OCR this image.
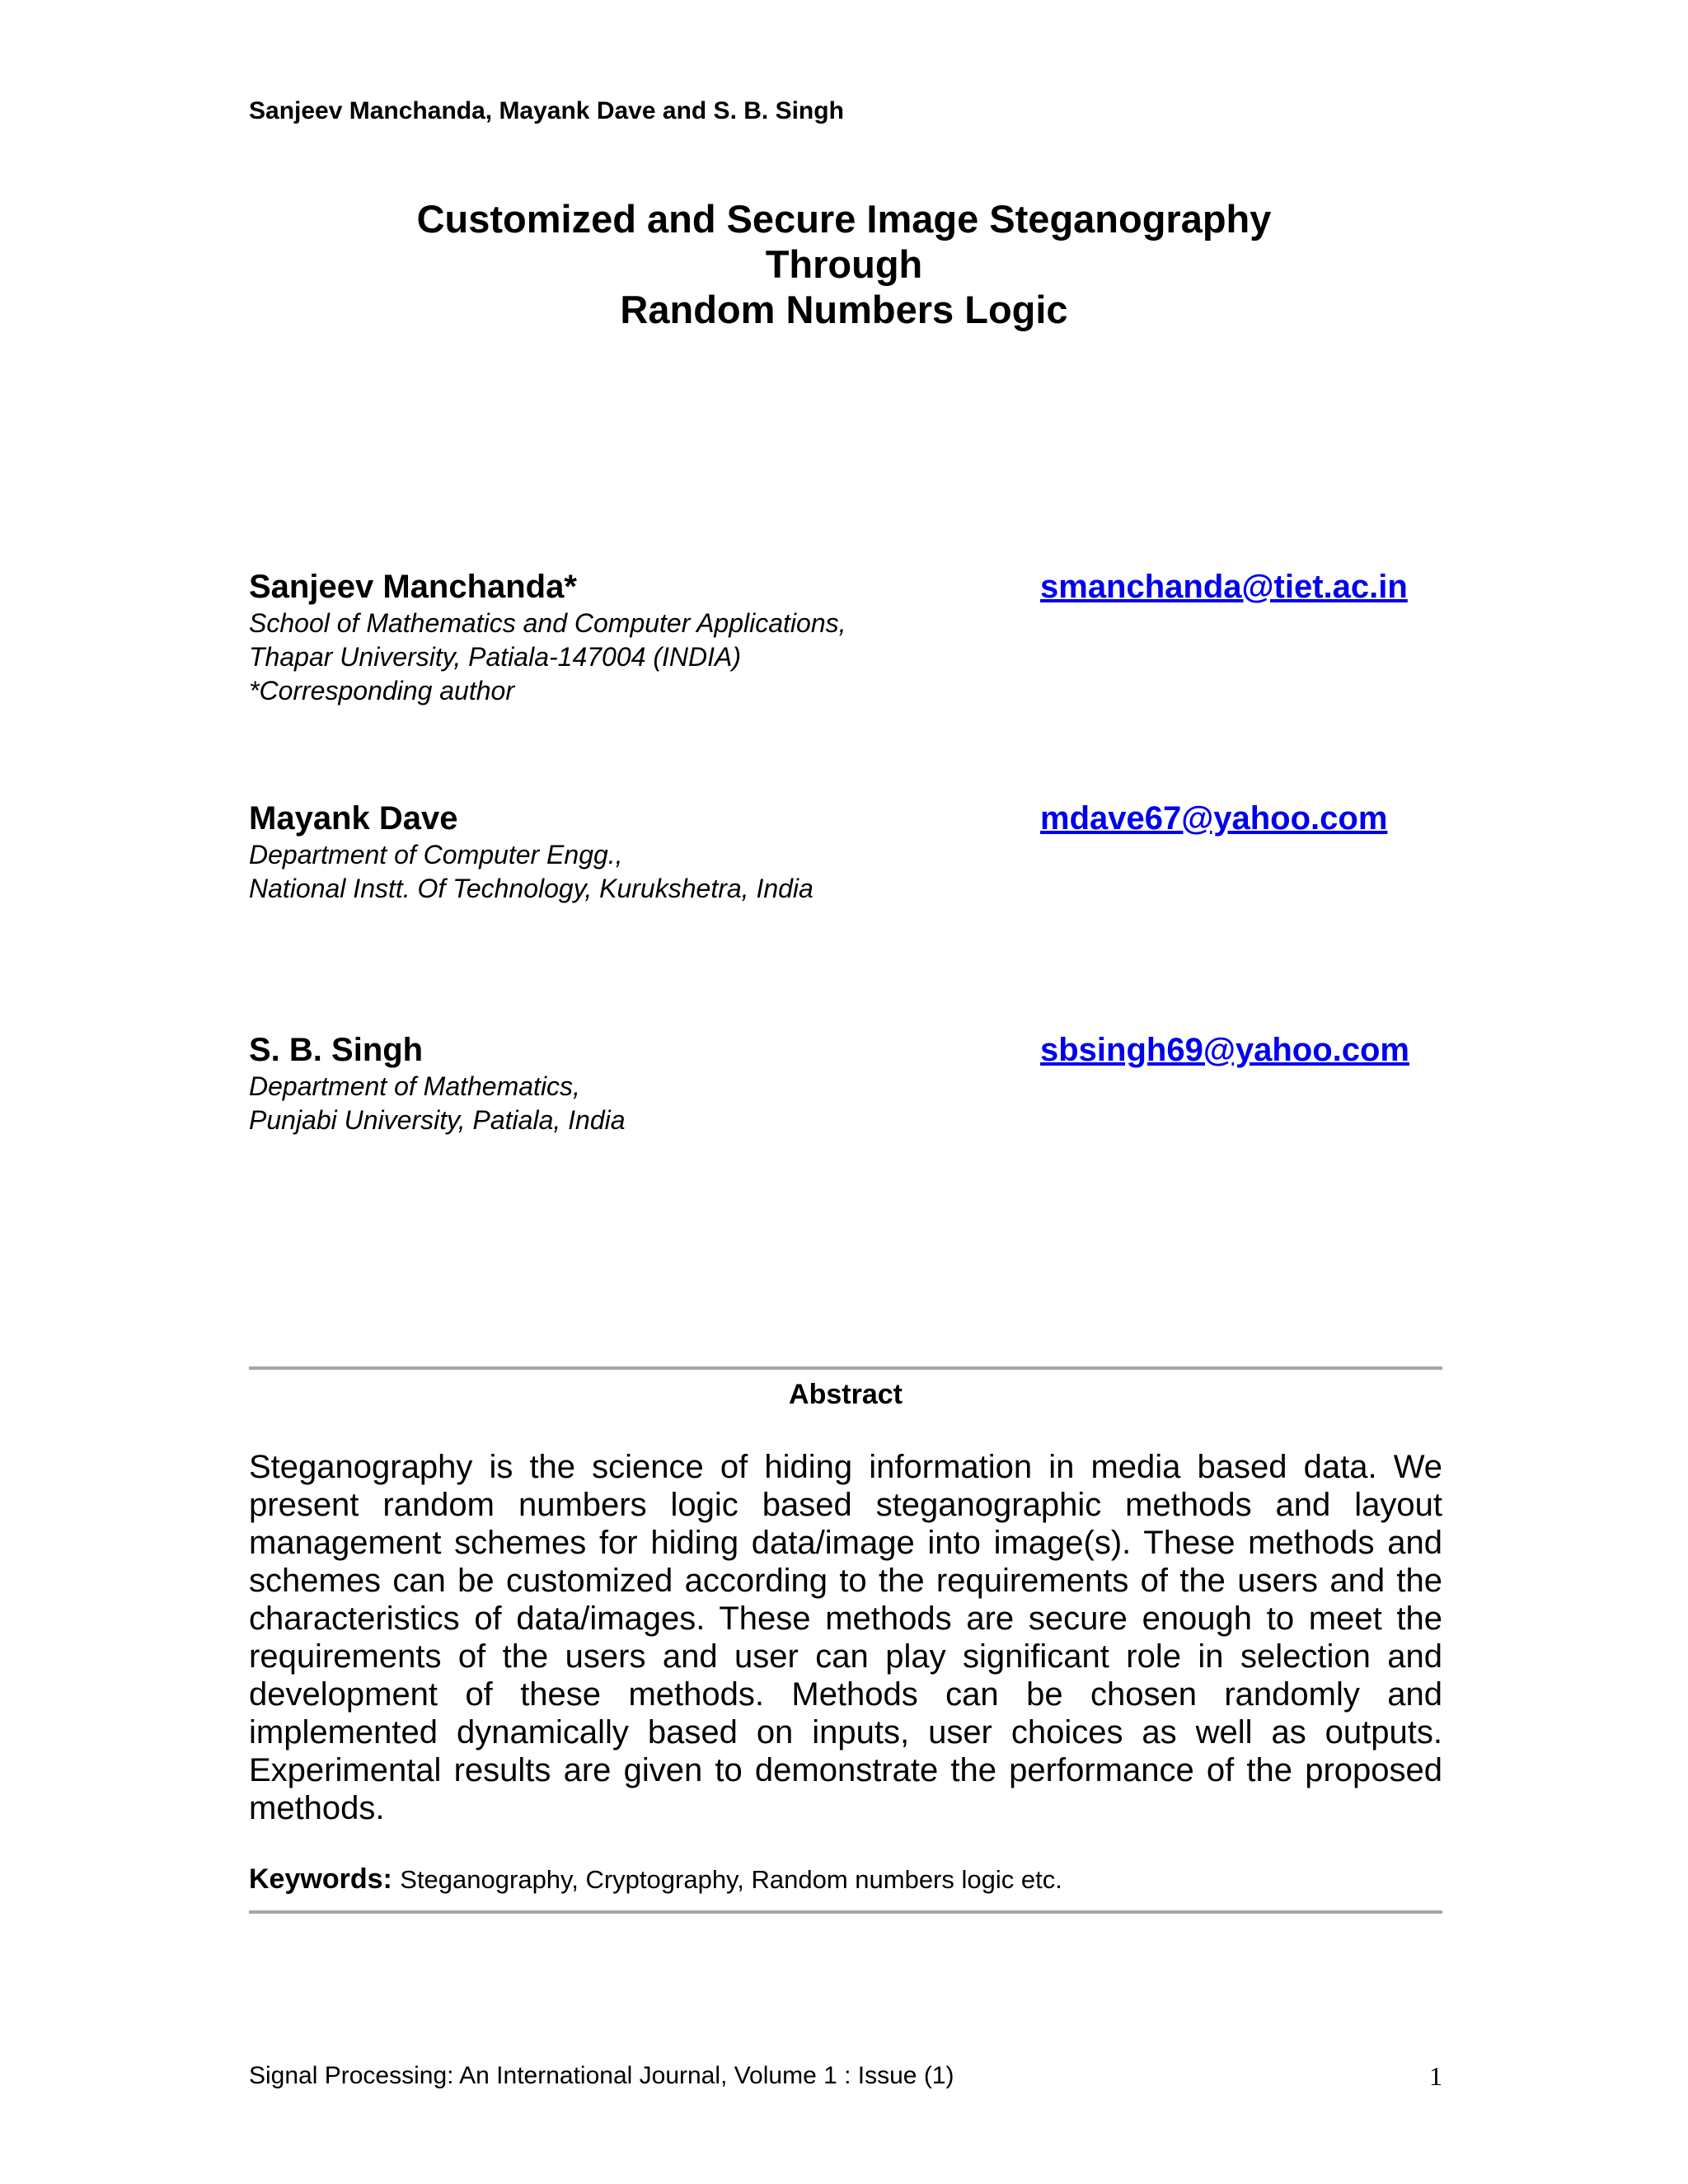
Sanjeev Manchanda, Mayank Dave and S. B. Singh
Customized and Secure Image Steganography
Through
Random Numbers Logic
Sanjeev Manchanda*	smanchanda@tiet.ac.in
School of Mathematics and Computer Applications,
Thapar University, Patiala-147004 (INDIA)
*Corresponding author
Mayank Dave	mdave67@yahoo.com
Department of Computer Engg.,
National Instt. Of Technology, Kurukshetra, India
S. B. Singh	sbsingh69@yahoo.com
Department of Mathematics,
Punjabi University, Patiala, India
Abstract
Steganography is the science of hiding information in media based data. We present random numbers logic based steganographic methods and layout management schemes for hiding data/image into image(s). These methods and schemes can be customized according to the requirements of the users and the characteristics of data/images. These methods are secure enough to meet the requirements of the users and user can play significant role in selection and development of these methods. Methods can be chosen randomly and implemented dynamically based on inputs, user choices as well as outputs. Experimental results are given to demonstrate the performance of the proposed methods.
Keywords: Steganography, Cryptography, Random numbers logic etc.
Signal Processing: An International Journal, Volume 1 : Issue (1)	1
